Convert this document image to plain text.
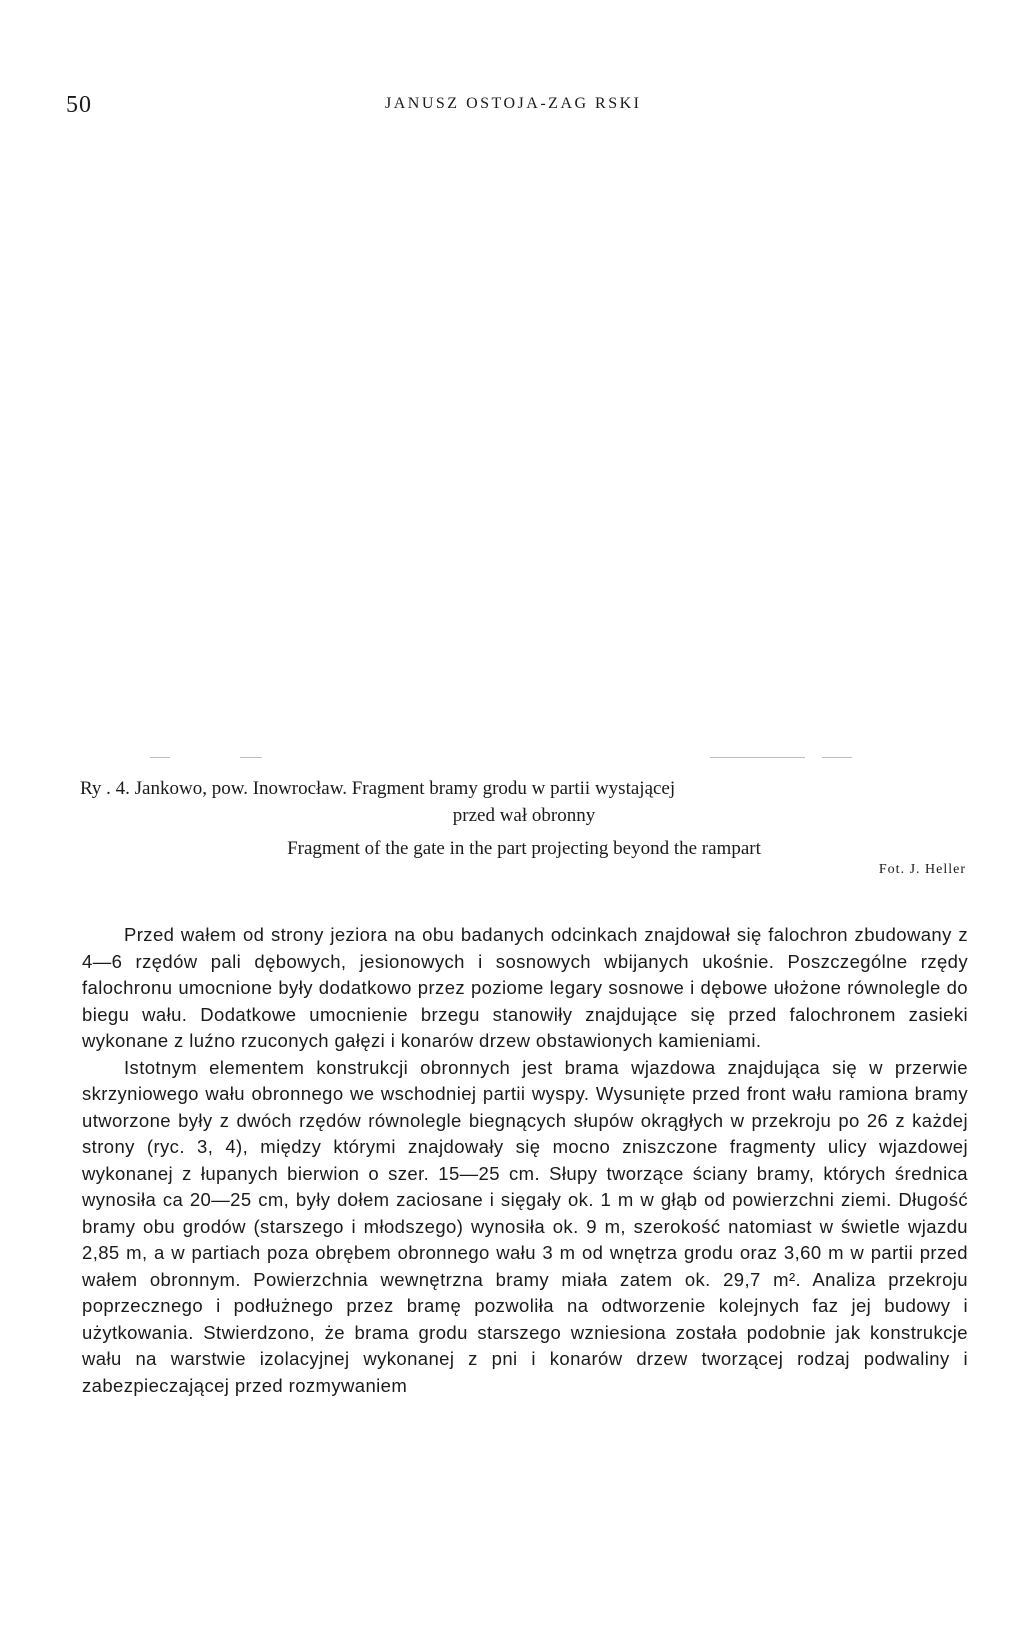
50	JANUSZ OSTOJA-ZAG RSKI
Ry . 4. Jankowo, pow. Inowrocław. Fragment bramy grodu w partii wystającej
przed wał obronny
Fragment of the gate in the part projecting beyond the rampart
Fot. J. Heller

Przed wałem od strony jeziora na obu badanych odcinkach znajdował się falochron zbudowany z 4—6 rzędów pali dębowych, jesionowych i sosnowych wbijanych ukośnie. Poszczególne rzędy falochronu umocnione były dodatkowo przez poziome legary sosnowe i dębowe ułożone równolegle do biegu wału. Dodatkowe umocnienie brzegu stanowiły znajdujące się przed falochronem zasieki wykonane z luźno rzuconych gałęzi i konarów drzew obstawionych kamieniami.

Istotnym elementem konstrukcji obronnych jest brama wjazdowa znajdująca się w przerwie skrzyniowego wału obronnego we wschodniej partii wyspy. Wysunięte przed front wału ramiona bramy utworzone były z dwóch rzędów równolegle biegnących słupów okrągłych w przekroju po 26 z każdej strony (ryc. 3, 4), między którymi znajdowały się mocno zniszczone fragmenty ulicy wjazdowej wykonanej z łupanych bierwion o szer. 15—25 cm. Słupy tworzące ściany bramy, których średnica wynosiła ca 20—25 cm, były dołem zaciosane i sięgały ok. 1 m w głąb od powierzchni ziemi. Długość bramy obu grodów (starszego i młodszego) wynosiła ok. 9 m, szerokość natomiast w świetle wjazdu 2,85 m, a w partiach poza obrębem obronnego wału 3 m od wnętrza grodu oraz 3,60 m w partii przed wałem obronnym. Powierzchnia wewnętrzna bramy miała zatem ok. 29,7 m². Analiza przekroju poprzecznego i podłużnego przez bramę pozwoliła na odtworzenie kolejnych faz jej budowy i użytkowania. Stwierdzono, że brama grodu starszego wzniesiona została podobnie jak konstrukcje wału na warstwie izolacyjnej wykonanej z pni i konarów drzew tworzącej rodzaj podwaliny i zabezpieczającej przed rozmywaniem
